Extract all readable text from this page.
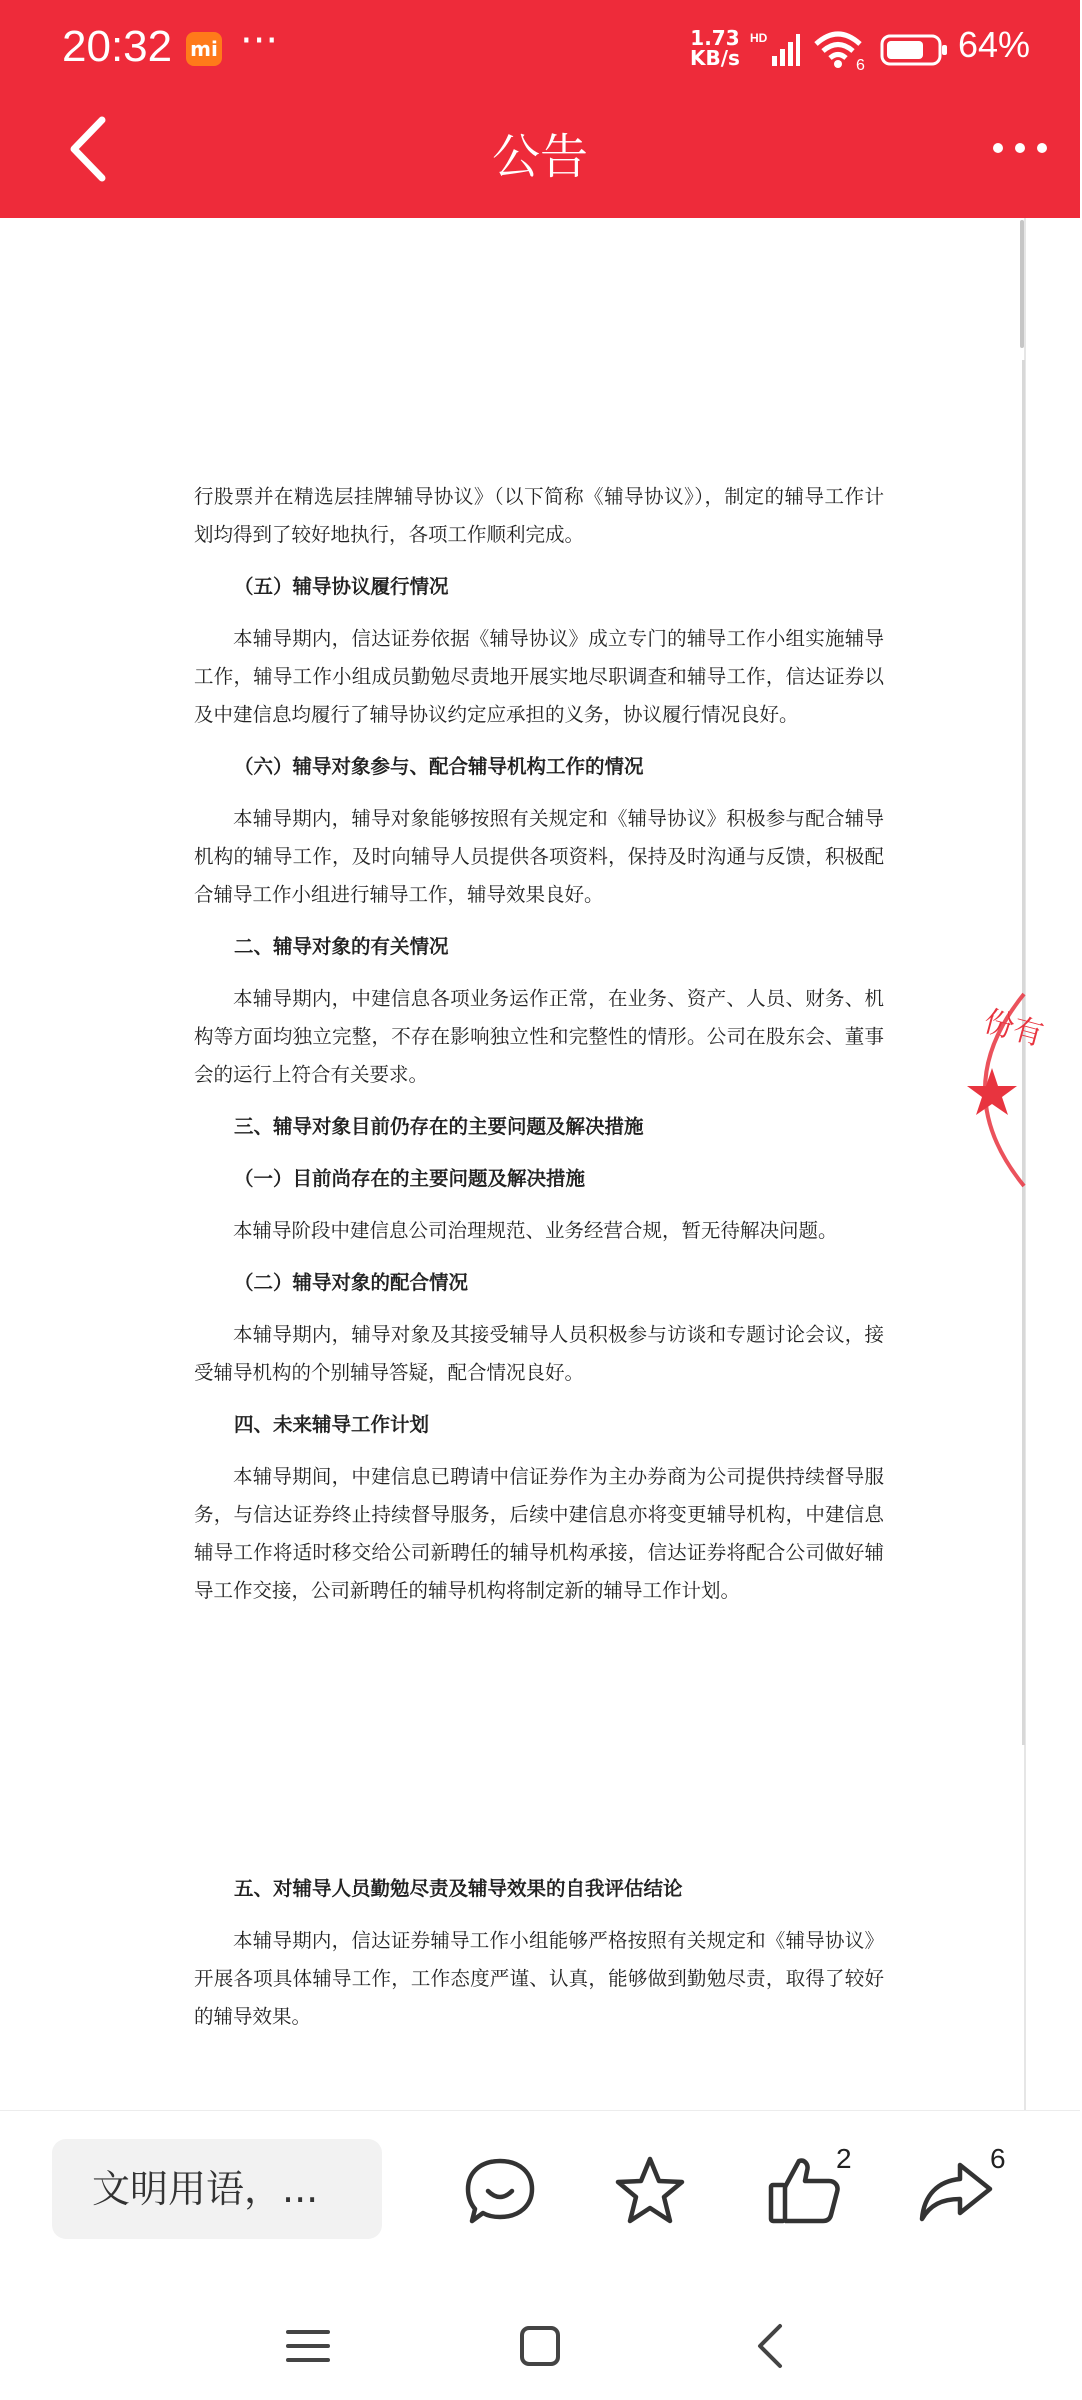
20:32 mi ···	1.73
KB/s
HD
6
64%
公告

行股票并在精选层挂牌辅导协议》（以下简称《辅导协议》），制定的辅导工作计划均得到了较好地执行，各项工作顺利完成。

（五）辅导协议履行情况

本辅导期内，信达证券依据《辅导协议》成立专门的辅导工作小组实施辅导工作，辅导工作小组成员勤勉尽责地开展实地尽职调查和辅导工作，信达证券以及中建信息均履行了辅导协议约定应承担的义务，协议履行情况良好。

（六）辅导对象参与、配合辅导机构工作的情况

本辅导期内，辅导对象能够按照有关规定和《辅导协议》积极参与配合辅导机构的辅导工作，及时向辅导人员提供各项资料，保持及时沟通与反馈，积极配合辅导工作小组进行辅导工作，辅导效果良好。

二、辅导对象的有关情况

本辅导期内，中建信息各项业务运作正常，在业务、资产、人员、财务、机构等方面均独立完整，不存在影响独立性和完整性的情形。公司在股东会、董事会的运行上符合有关要求。

三、辅导对象目前仍存在的主要问题及解决措施
（一）目前尚存在的主要问题及解决措施

本辅导阶段中建信息公司治理规范、业务经营合规，暂无待解决问题。

（二）辅导对象的配合情况

本辅导期内，辅导对象及其接受辅导人员积极参与访谈和专题讨论会议，接受辅导机构的个别辅导答疑，配合情况良好。

四、未来辅导工作计划

本辅导期间，中建信息已聘请中信证券作为主办券商为公司提供持续督导服务，与信达证券终止持续督导服务，后续中建信息亦将变更辅导机构，中建信息辅导工作将适时移交给公司新聘任的辅导机构承接，信达证券将配合公司做好辅导工作交接，公司新聘任的辅导机构将制定新的辅导工作计划。

五、对辅导人员勤勉尽责及辅导效果的自我评估结论

本辅导期内，信达证券辅导工作小组能够严格按照有关规定和《辅导协议》开展各项具体辅导工作，工作态度严谨、认真，能够做到勤勉尽责，取得了较好的辅导效果。

份有
文明用语，...
2	6
